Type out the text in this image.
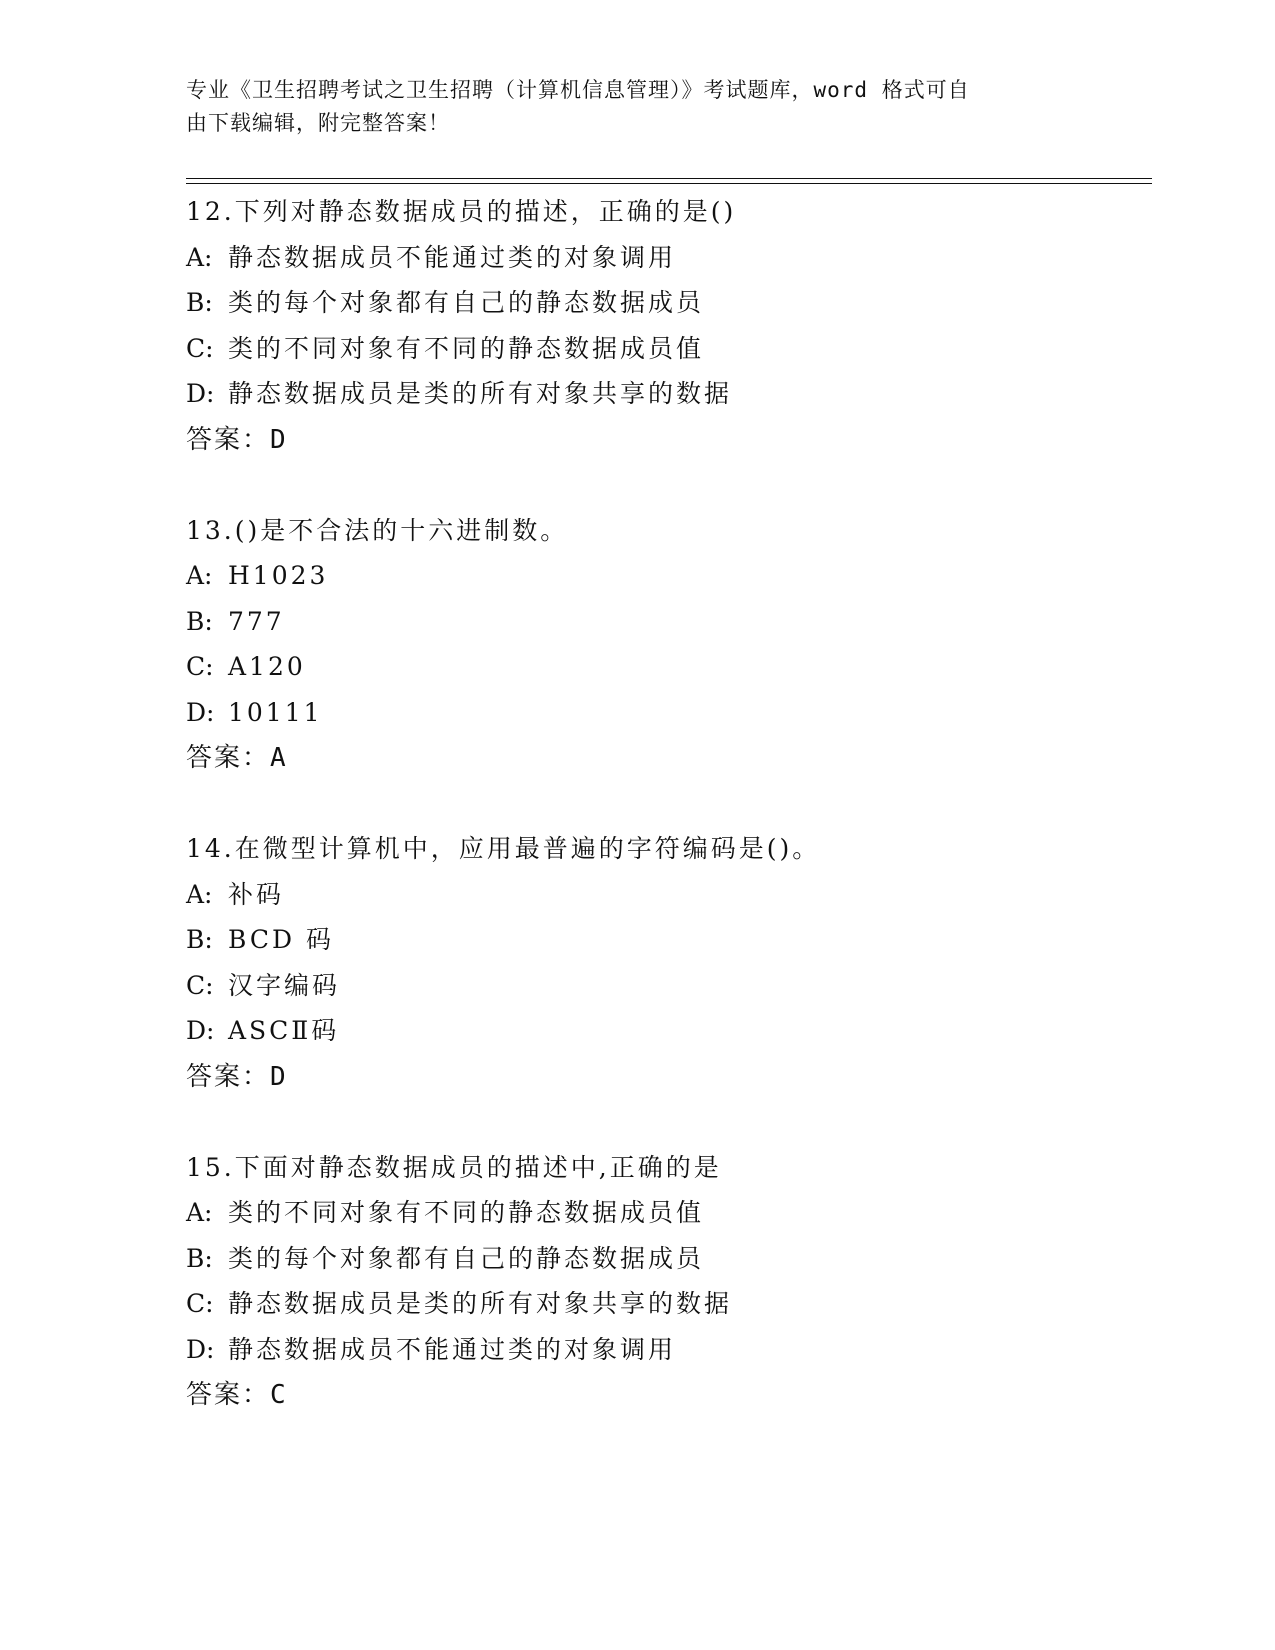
专业《卫生招聘考试之卫生招聘（计算机信息管理）》考试题库，word 格式可自
由下载编辑，附完整答案！
12.下列对静态数据成员的描述，正确的是()
A: 静态数据成员不能通过类的对象调用
B: 类的每个对象都有自己的静态数据成员
C: 类的不同对象有不同的静态数据成员值
D: 静态数据成员是类的所有对象共享的数据
答案：D
13.()是不合法的十六进制数。
A: H1023
B: 777
C: A120
D: 10111
答案：A
14.在微型计算机中，应用最普遍的字符编码是()。
A: 补码
B: BCD 码
C: 汉字编码
D: ASCⅡ码
答案：D
15.下面对静态数据成员的描述中,正确的是
A: 类的不同对象有不同的静态数据成员值
B: 类的每个对象都有自己的静态数据成员
C: 静态数据成员是类的所有对象共享的数据
D: 静态数据成员不能通过类的对象调用
答案：C
